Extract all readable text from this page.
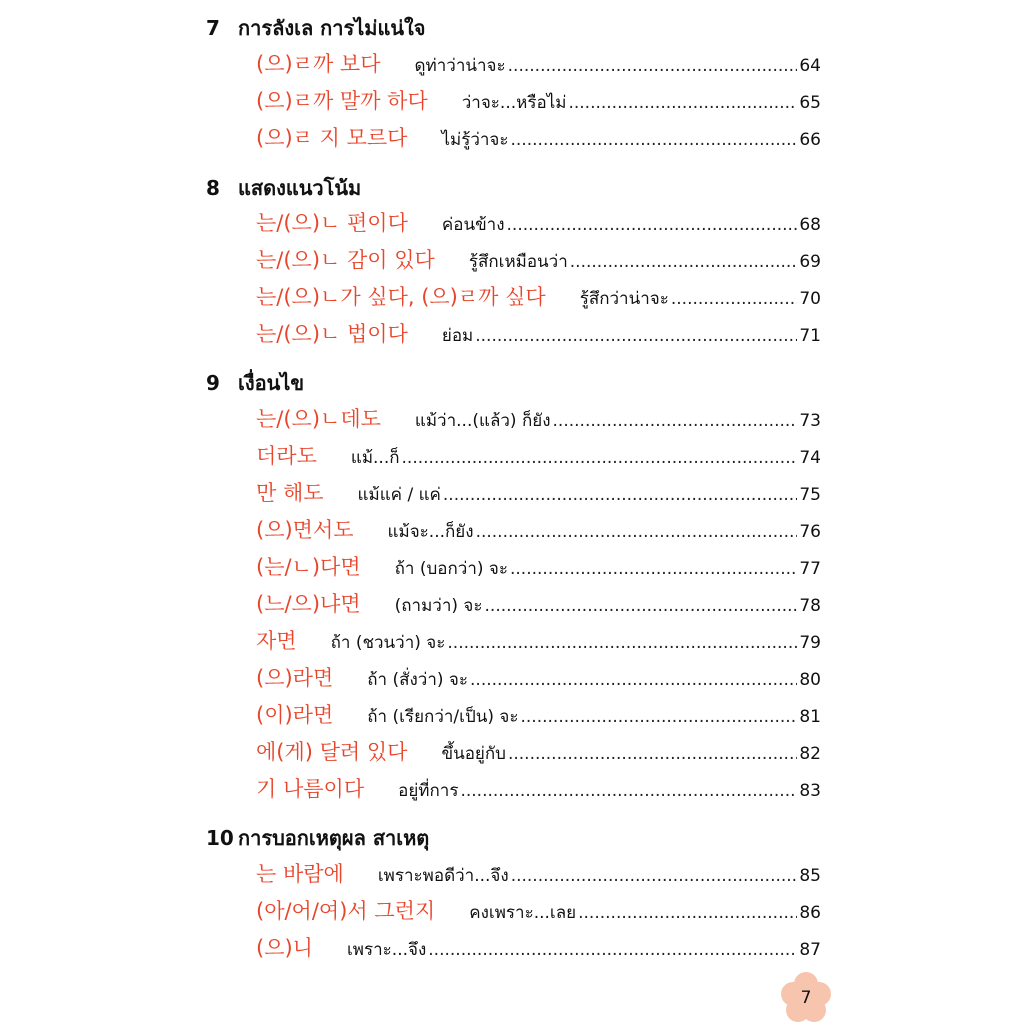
7 การลังเล การไม่แน่ใจ
(으)ㄹ까 보다 ดูท่าว่าน่าจะ .....	64
(으)ㄹ까 말까 하다 ว่าจะ...หรือไม่ .....	65
(으)ㄹ 지 모르다 ไม่รู้ว่าจะ .....	66
8 แสดงแนวโน้ม
는/(으)ㄴ 편이다 ค่อนข้าง .....	68
는/(으)ㄴ 감이 있다 รู้สึกเหมือนว่า .....	69
는/(으)ㄴ가 싶다, (으)ㄹ까 싶다 รู้สึกว่าน่าจะ .....	70
는/(으)ㄴ 법이다 ย่อม .....	71
9 เงื่อนไข
는/(으)ㄴ데도 แม้ว่า...(แล้ว) ก็ยัง .....	73
더라도 แม้...ก็ .....	74
만 해도 แม้แค่ / แค่ .....	75
(으)면서도 แม้จะ...ก็ยัง .....	76
(는/ㄴ)다면 ถ้า (บอกว่า) จะ .....	77
(느/으)냐면 (ถามว่า) จะ .....	78
자면 ถ้า (ชวนว่า) จะ .....	79
(으)라면 ถ้า (สั่งว่า) จะ .....	80
(이)라면 ถ้า (เรียกว่า/เป็น) จะ .....	81
에(게) 달려 있다 ขึ้นอยู่กับ .....	82
기 나름이다 อยู่ที่การ .....	83
10 การบอกเหตุผล สาเหตุ
는 바람에 เพราะพอดีว่า...จึง .....	85
(아/어/여)서 그런지 คงเพราะ...เลย .....	86
(으)니 เพราะ...จึง .....	87
7
